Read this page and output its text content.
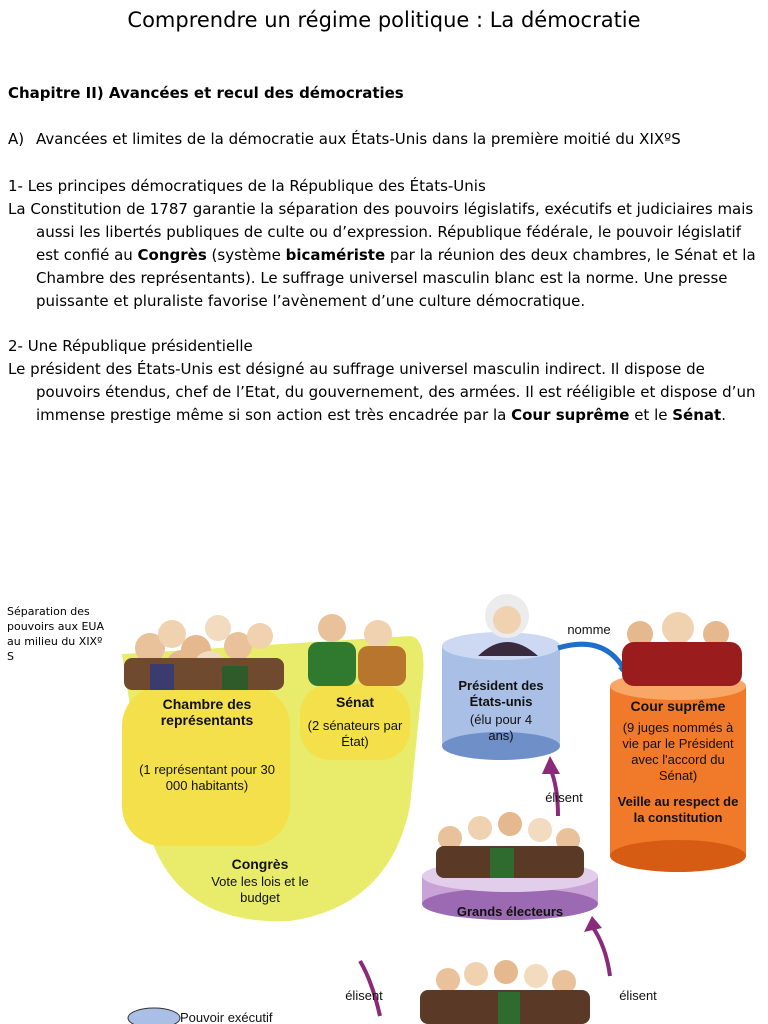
Comprendre un régime politique : La démocratie
Chapitre II) Avancées et recul des démocraties
A) Avancées et limites de la démocratie aux États-Unis dans la première moitié du XIXºS
1- Les principes démocratiques de la République des États-Unis
La Constitution de 1787 garantie la séparation des pouvoirs législatifs, exécutifs et judiciaires mais aussi les libertés publiques de culte ou d’expression. République fédérale, le pouvoir législatif est confié au Congrès (système bicamériste par la réunion des deux chambres, le Sénat et la Chambre des représentants). Le suffrage universel masculin blanc est la norme. Une presse puissante et pluraliste favorise l’avènement d’une culture démocratique.
2- Une République présidentielle
Le président des États-Unis est désigné au suffrage universel masculin indirect. Il dispose de pouvoirs étendus, chef de l’Etat, du gouvernement, des armées. Il est rééligible et dispose d’un immense prestige même si son action est très encadrée par la Cour suprême et le Sénat.
Séparation des pouvoirs aux EUA au milieu du XIXº S
Chambre des représentants
(1 représentant pour 30 000 habitants)
Sénat
(2 sénateurs par État)
Congrès
Vote les lois et le budget
Président des États-unis
(élu pour 4 ans)
nomme
Cour suprême
(9 juges nommés à vie par le Président avec l'accord du Sénat)
Veille au respect de la constitution
élisent
Grands électeurs
élisent	élisent
Pouvoir exécutif
